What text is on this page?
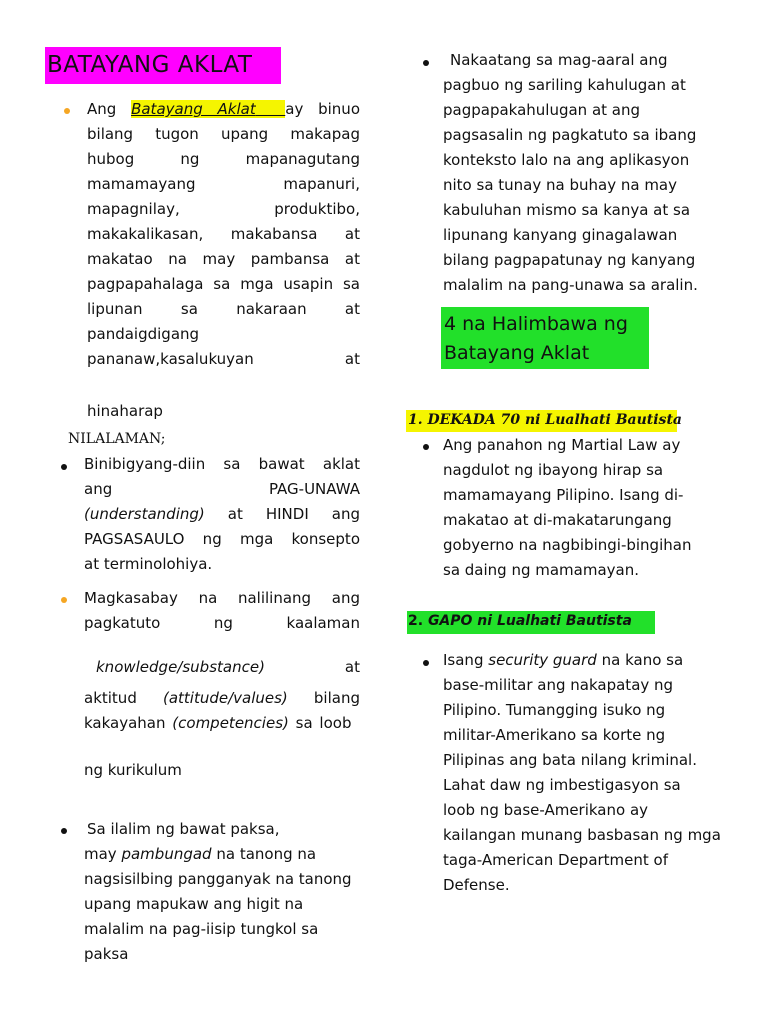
BATAYANG AKLAT
Ang Batayang Aklat ay binuo
bilang tugon upang makapag
hubog ng mapanagutang
mamamayang mapanuri,
mapagnilay, produktibo,
makakalikasan, makabansa at
makatao na may pambansa at
pagpapahalaga sa mga usapin sa
lipunan sa nakaraan at
pandaigdigang
pananaw,kasalukuyan at
hinaharap
NILALAMAN;
Binibigyang-diin sa bawat aklat
ang PAG-UNAWA
(understanding) at HINDI ang
PAGSASAULO ng mga konsepto
at terminolohiya.
Magkasabay na nalilinang ang
pagkatuto ng kaalaman
knowledge/substance)	at
aktitud (attitude/values) bilang
kakayahan (competencies) sa loob
ng kurikulum
Sa ilalim ng bawat paksa,
may pambungad na tanong na
nagsisilbing pangganyak na tanong
upang mapukaw ang higit na
malalim na pag-iisip tungkol sa
paksa
Nakaatang sa mag-aaral ang
pagbuo ng sariling kahulugan at
pagpapakahulugan at ang
pagsasalin ng pagkatuto sa ibang
konteksto lalo na ang aplikasyon
nito sa tunay na buhay na may
kabuluhan mismo sa kanya at sa
lipunang kanyang ginagalawan
bilang pagpapatunay ng kanyang
malalim na pang-unawa sa aralin.
4 na Halimbawa ng
Batayang Aklat
1. DEKADA 70 ni Lualhati Bautista
Ang panahon ng Martial Law ay
nagdulot ng ibayong hirap sa
mamamayang Pilipino. Isang di-
makatao at di-makatarungang
gobyerno na nagbibingi-bingihan
sa daing ng mamamayan.
2. GAPO ni Lualhati Bautista
Isang security guard na kano sa
base-militar ang nakapatay ng
Pilipino. Tumangging isuko ng
militar-Amerikano sa korte ng
Pilipinas ang bata nilang kriminal.
Lahat daw ng imbestigasyon sa
loob ng base-Amerikano ay
kailangan munang basbasan ng mga
taga-American Department of
Defense.
